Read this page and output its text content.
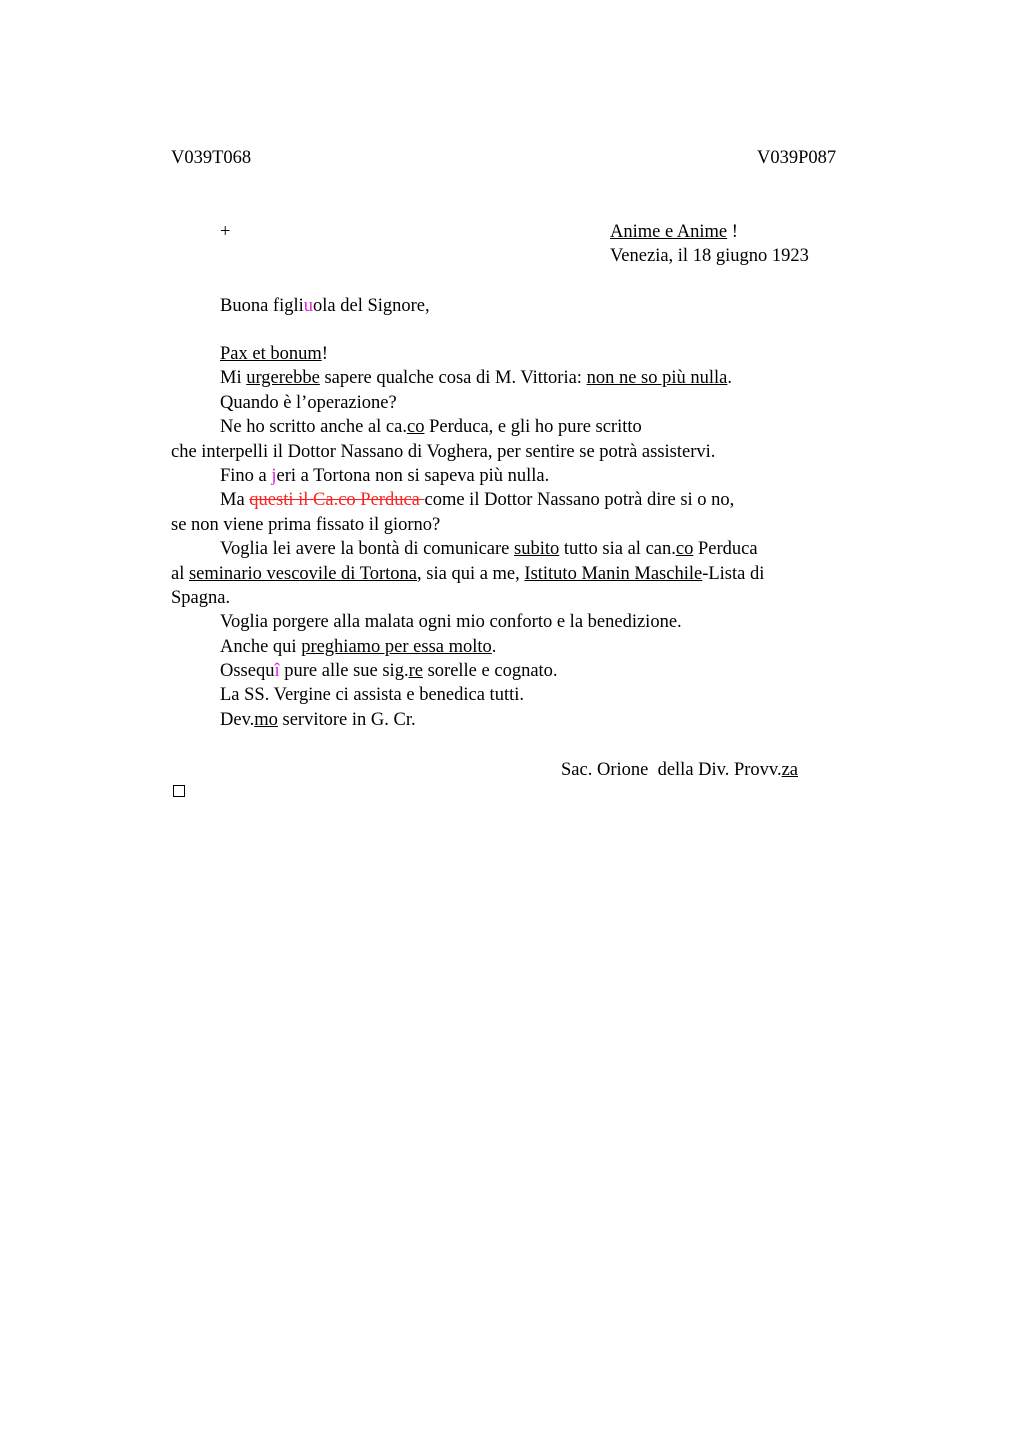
V039T068	V039P087
+	Anime e Anime !
Venezia, il 18 giugno 1923
Buona figliuola del Signore,
Pax et bonum!
Mi urgerebbe sapere qualche cosa di M. Vittoria: non ne so più nulla.
Quando è l’operazione?
Ne ho scritto anche al ca.co Perduca, e gli ho pure scritto
che interpelli il Dottor Nassano di Voghera, per sentire se potrà assistervi.
Fino a jeri a Tortona non si sapeva più nulla.
Ma questi il Ca.co Perduca come il Dottor Nassano potrà dire si o no,
se non viene prima fissato il giorno?
Voglia lei avere la bontà di comunicare subito tutto sia al can.co Perduca
al seminario vescovile di Tortona, sia qui a me, Istituto Manin Maschile-Lista di
Spagna.
Voglia porgere alla malata ogni mio conforto e la benedizione.
Anche qui preghiamo per essa molto.
Ossequî pure alle sue sig.re sorelle e cognato.
La SS. Vergine ci assista e benedica tutti.
Dev.mo servitore in G. Cr.
Sac. Orione  della Div. Provv.za
